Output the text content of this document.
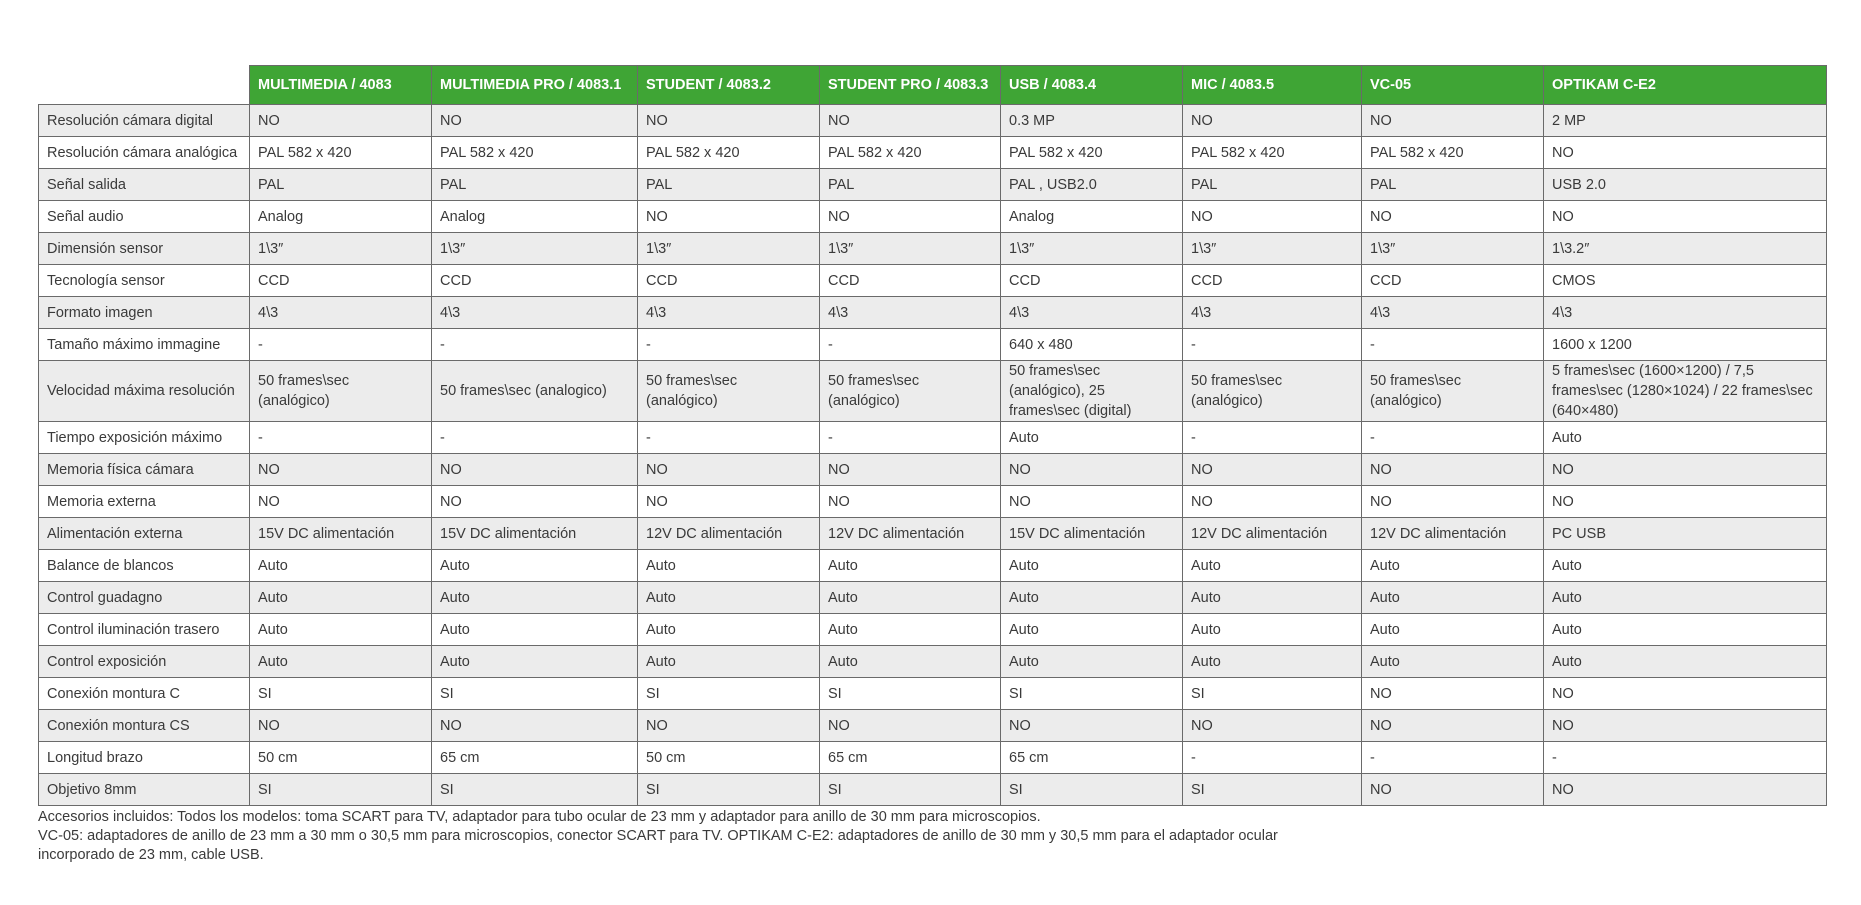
	MULTIMEDIA / 4083	MULTIMEDIA PRO / 4083.1	STUDENT / 4083.2	STUDENT PRO / 4083.3	USB / 4083.4	MIC / 4083.5	VC-05	OPTIKAM C-E2
Resolución cámara digital	NO	NO	NO	NO	0.3 MP	NO	NO	2 MP
Resolución cámara analógica	PAL 582 x 420	PAL 582 x 420	PAL 582 x 420	PAL 582 x 420	PAL 582 x 420	PAL 582 x 420	PAL 582 x 420	NO
Señal salida	PAL	PAL	PAL	PAL	PAL , USB2.0	PAL	PAL	USB 2.0
Señal audio	Analog	Analog	NO	NO	Analog	NO	NO	NO
Dimensión sensor	1\3″	1\3″	1\3″	1\3″	1\3″	1\3″	1\3″	1\3.2″
Tecnología sensor	CCD	CCD	CCD	CCD	CCD	CCD	CCD	CMOS
Formato imagen	4\3	4\3	4\3	4\3	4\3	4\3	4\3	4\3
Tamaño máximo immagine	-	-	-	-	640 x 480	-	-	1600 x 1200
Velocidad máxima resolución	50 frames\sec (analógico)	50 frames\sec (analogico)	50 frames\sec (analógico)	50 frames\sec (analógico)	50 frames\sec (analógico), 25 frames\sec (digital)	50 frames\sec (analógico)	50 frames\sec (analógico)	5 frames\sec (1600×1200) / 7,5 frames\sec (1280×1024) / 22 frames\sec (640×480)
Tiempo exposición máximo	-	-	-	-	Auto	-	-	Auto
Memoria física cámara	NO	NO	NO	NO	NO	NO	NO	NO
Memoria externa	NO	NO	NO	NO	NO	NO	NO	NO
Alimentación externa	15V DC alimentación	15V DC alimentación	12V DC alimentación	12V DC alimentación	15V DC alimentación	12V DC alimentación	12V DC alimentación	PC USB
Balance de blancos	Auto	Auto	Auto	Auto	Auto	Auto	Auto	Auto
Control guadagno	Auto	Auto	Auto	Auto	Auto	Auto	Auto	Auto
Control iluminación trasero	Auto	Auto	Auto	Auto	Auto	Auto	Auto	Auto
Control exposición	Auto	Auto	Auto	Auto	Auto	Auto	Auto	Auto
Conexión montura C	SI	SI	SI	SI	SI	SI	NO	NO
Conexión montura CS	NO	NO	NO	NO	NO	NO	NO	NO
Longitud brazo	50 cm	65 cm	50 cm	65 cm	65 cm	-	-	-
Objetivo 8mm	SI	SI	SI	SI	SI	SI	NO	NO

Accesorios incluidos: Todos los modelos: toma SCART para TV, adaptador para tubo ocular de 23 mm y adaptador para anillo de 30 mm para microscopios.

VC-05: adaptadores de anillo de 23 mm a 30 mm o 30,5 mm para microscopios, conector SCART para TV. OPTIKAM C-E2: adaptadores de anillo de 30 mm y 30,5 mm para el adaptador ocular incorporado de 23 mm, cable USB.
